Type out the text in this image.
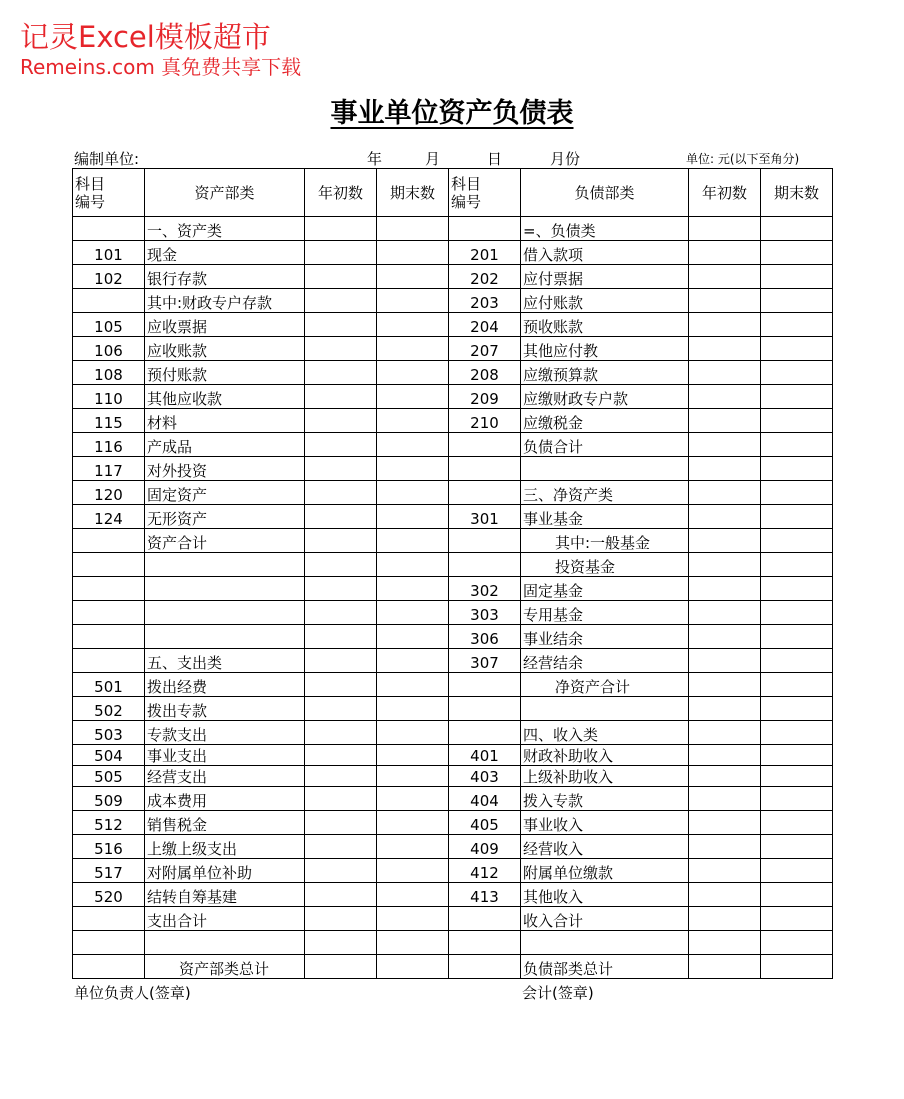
记灵Excel模板超市
Remeins.com 真免费共享下载
事业单位资产负债表
编制单位:	年	月	日	月份	单位: 元(以下至角分)
科目
编号	资产部类	年初数	期末数	科目
编号	负债部类	年初数	期末数
	一、资产类				=、负债类		
101	现金			201	借入款项		
102	银行存款			202	应付票据		
	其中:财政专户存款			203	应付账款		
105	应收票据			204	预收账款		
106	应收账款			207	其他应付教		
108	预付账款			208	应缴预算款		
110	其他应收款			209	应缴财政专户款		
115	材料			210	应缴税金		
116	产成品				负债合计		
117	对外投资						
120	固定资产				三、净资产类		
124	无形资产			301	事业基金		
	资产合计				其中:一般基金		
					投资基金		
				302	固定基金		
				303	专用基金		
				306	事业结余		
	五、支出类			307	经营结余		
501	拨出经费				净资产合计		
502	拨出专款						
503	专款支出				四、收入类		
504	事业支出			401	财政补助收入		
505	经营支出			403	上级补助收入		
509	成本费用			404	拨入专款		
512	销售税金			405	事业收入		
516	上缴上级支出			409	经营收入		
517	对附属单位补助			412	附属单位缴款		
520	结转自筹基建			413	其他收入		
	支出合计				收入合计		

	资产部类总计				负债部类总计		
单位负责人(签章)	会计(签章)
